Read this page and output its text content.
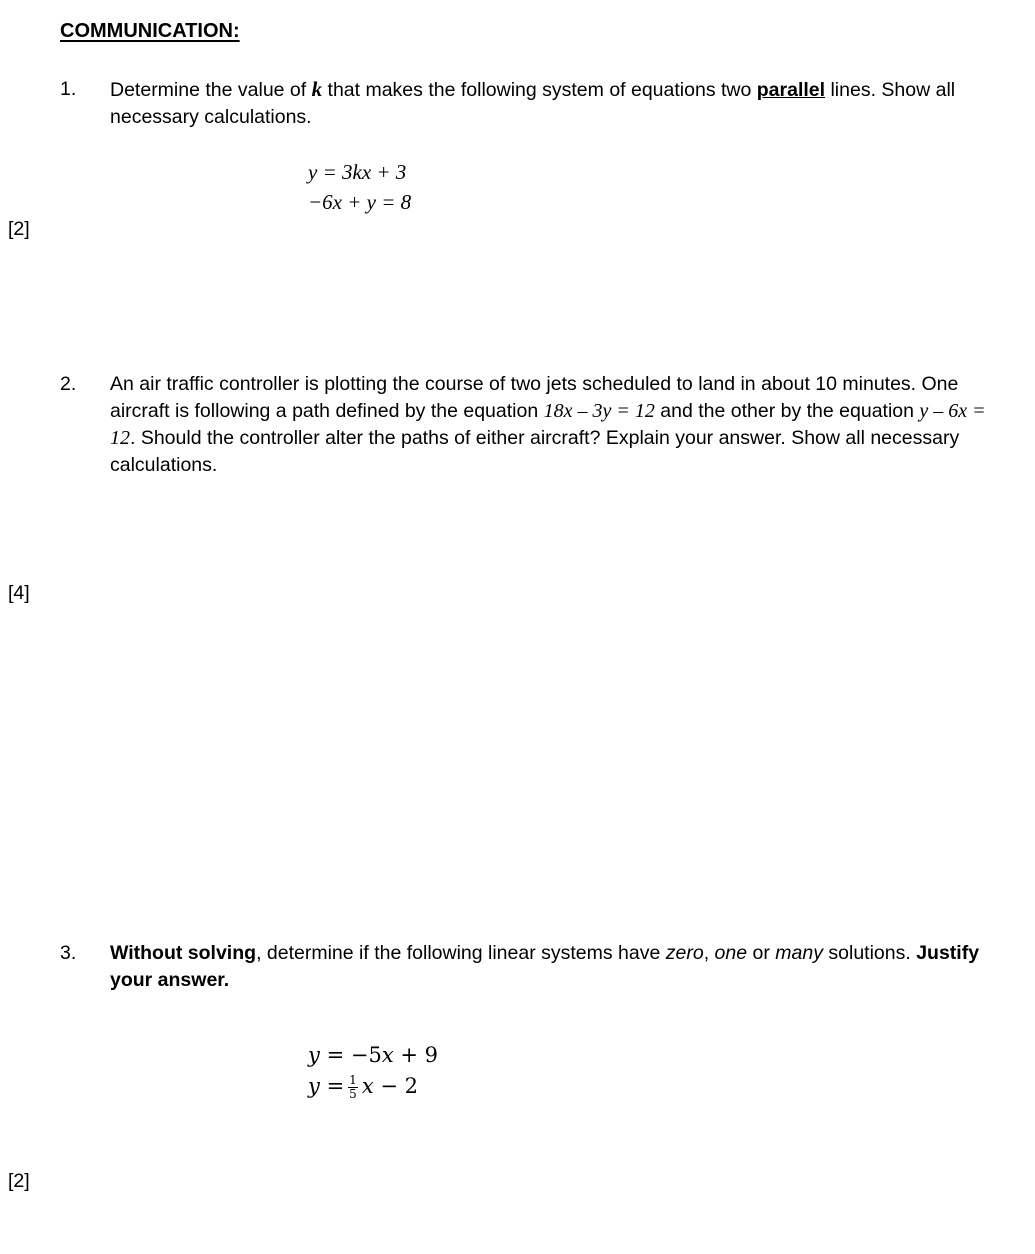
COMMUNICATION:
1. Determine the value of k that makes the following system of equations two parallel lines. Show all necessary calculations.
y = 3kx + 3
−6x + y = 8
[2]
2. An air traffic controller is plotting the course of two jets scheduled to land in about 10 minutes. One aircraft is following a path defined by the equation 18x – 3y = 12 and the other by the equation y – 6x = 12. Should the controller alter the paths of either aircraft? Explain your answer. Show all necessary calculations.
[4]
3. Without solving, determine if the following linear systems have zero, one or many solutions. Justify your answer.
y = −5x + 9
$y = \frac{1}{5}$ x − 2
[2]
